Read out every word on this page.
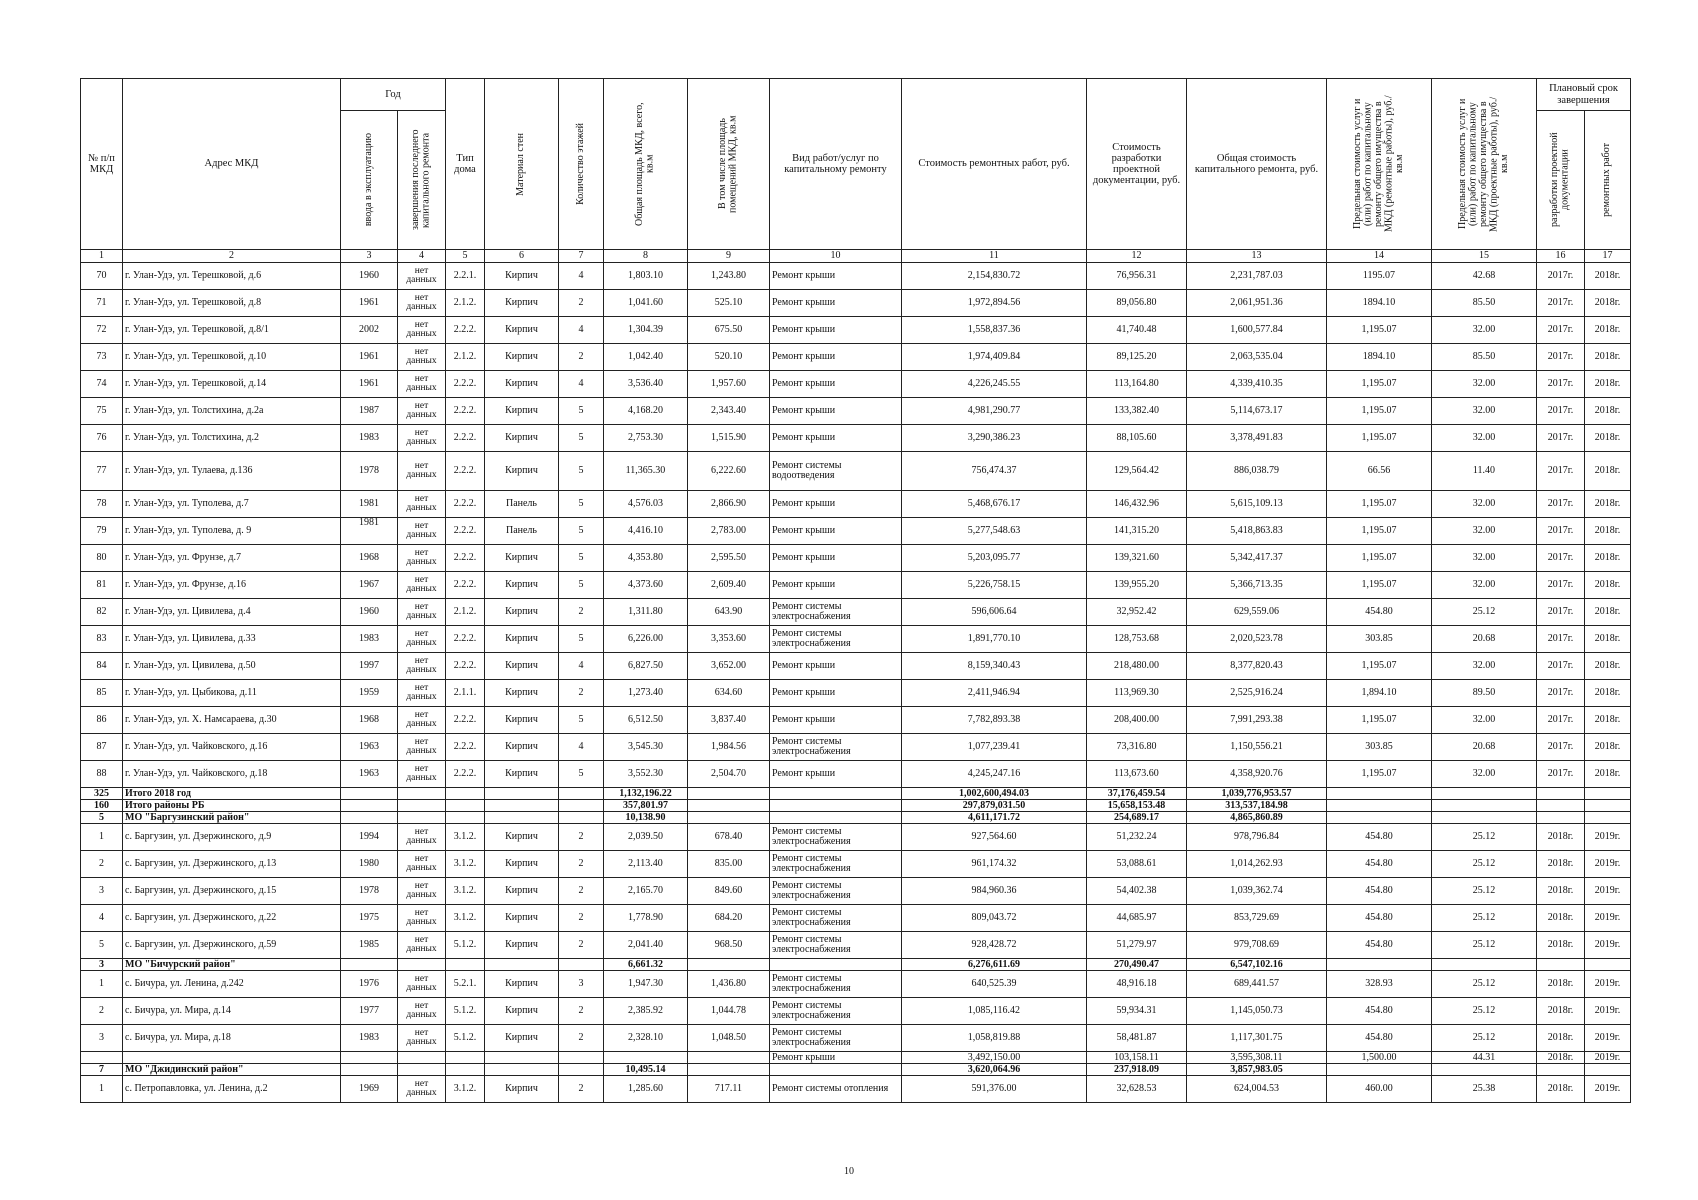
№ п/п МКД	Адрес МКД	Год		Тип дома	Материал стен	Количество этажей	Общая площадь МКД, всего, кв.м	В том числе площадь помещений МКД, кв.м	Вид работ/услуг по капитальному ремонту	Стоимость ремонтных работ, руб.	Стоимость разработки проектной документации, руб.	Общая стоимость капитального ремонта, руб.	Предельная стоимость услуг и (или) работ по капитальному ремонту общего имущества в МКД (ремонтные работы), руб./кв.м	Предельная стоимость услуг и (или) работ по капитальному ремонту общего имущества в МКД (проектные работы), руб./кв.м	Плановый срок завершения	

		ввода в эксплуатацию	завершения последнего капитального ремонта												разработки проектной документации	ремонтных работ

1	2	3	4	5	6	7	8	9	10	11	12	13	14	15	16	17
70	г. Улан-Удэ, ул. Терешковой, д.6	1960	нет данных	2.2.1.	Кирпич	4	1,803.10	1,243.80	Ремонт крыши	2,154,830.72	76,956.31	2,231,787.03	1195.07	42.68	2017г.	2018г.
71	г. Улан-Удэ, ул. Терешковой, д.8	1961	нет данных	2.1.2.	Кирпич	2	1,041.60	525.10	Ремонт крыши	1,972,894.56	89,056.80	2,061,951.36	1894.10	85.50	2017г.	2018г.
72	г. Улан-Удэ, ул. Терешковой, д.8/1	2002	нет данных	2.2.2.	Кирпич	4	1,304.39	675.50	Ремонт крыши	1,558,837.36	41,740.48	1,600,577.84	1,195.07	32.00	2017г.	2018г.
73	г. Улан-Удэ, ул. Терешковой, д.10	1961	нет данных	2.1.2.	Кирпич	2	1,042.40	520.10	Ремонт крыши	1,974,409.84	89,125.20	2,063,535.04	1894.10	85.50	2017г.	2018г.
74	г. Улан-Удэ, ул. Терешковой, д.14	1961	нет данных	2.2.2.	Кирпич	4	3,536.40	1,957.60	Ремонт крыши	4,226,245.55	113,164.80	4,339,410.35	1,195.07	32.00	2017г.	2018г.
75	г. Улан-Удэ, ул. Толстихина, д.2а	1987	нет данных	2.2.2.	Кирпич	5	4,168.20	2,343.40	Ремонт крыши	4,981,290.77	133,382.40	5,114,673.17	1,195.07	32.00	2017г.	2018г.
76	г. Улан-Удэ, ул. Толстихина, д.2	1983	нет данных	2.2.2.	Кирпич	5	2,753.30	1,515.90	Ремонт крыши	3,290,386.23	88,105.60	3,378,491.83	1,195.07	32.00	2017г.	2018г.
77	г. Улан-Удэ, ул. Тулаева, д.136	1978	нет данных	2.2.2.	Кирпич	5	11,365.30	6,222.60	Ремонт системы водоотведения	756,474.37	129,564.42	886,038.79	66.56	11.40	2017г.	2018г.
78	г. Улан-Удэ, ул. Туполева, д.7	1981	нет данных	2.2.2.	Панель	5	4,576.03	2,866.90	Ремонт крыши	5,468,676.17	146,432.96	5,615,109.13	1,195.07	32.00	2017г.	2018г.
79	г. Улан-Удэ, ул. Туполева, д. 9	1981	нет данных	2.2.2.	Панель	5	4,416.10	2,783.00	Ремонт крыши	5,277,548.63	141,315.20	5,418,863.83	1,195.07	32.00	2017г.	2018г.
80	г. Улан-Удэ, ул. Фрунзе, д.7	1968	нет данных	2.2.2.	Кирпич	5	4,353.80	2,595.50	Ремонт крыши	5,203,095.77	139,321.60	5,342,417.37	1,195.07	32.00	2017г.	2018г.
81	г. Улан-Удэ, ул. Фрунзе, д.16	1967	нет данных	2.2.2.	Кирпич	5	4,373.60	2,609.40	Ремонт крыши	5,226,758.15	139,955.20	5,366,713.35	1,195.07	32.00	2017г.	2018г.
82	г. Улан-Удэ, ул. Цивилева, д.4	1960	нет данных	2.1.2.	Кирпич	2	1,311.80	643.90	Ремонт системы электроснабжения	596,606.64	32,952.42	629,559.06	454.80	25.12	2017г.	2018г.
83	г. Улан-Удэ, ул. Цивилева, д.33	1983	нет данных	2.2.2.	Кирпич	5	6,226.00	3,353.60	Ремонт системы электроснабжения	1,891,770.10	128,753.68	2,020,523.78	303.85	20.68	2017г.	2018г.
84	г. Улан-Удэ, ул. Цивилева, д.50	1997	нет данных	2.2.2.	Кирпич	4	6,827.50	3,652.00	Ремонт крыши	8,159,340.43	218,480.00	8,377,820.43	1,195.07	32.00	2017г.	2018г.
85	г. Улан-Удэ, ул. Цыбикова, д.11	1959	нет данных	2.1.1.	Кирпич	2	1,273.40	634.60	Ремонт крыши	2,411,946.94	113,969.30	2,525,916.24	1,894.10	89.50	2017г.	2018г.
86	г. Улан-Удэ, ул. Х. Намсараева, д.30	1968	нет данных	2.2.2.	Кирпич	5	6,512.50	3,837.40	Ремонт крыши	7,782,893.38	208,400.00	7,991,293.38	1,195.07	32.00	2017г.	2018г.
87	г. Улан-Удэ, ул. Чайковского, д.16	1963	нет данных	2.2.2.	Кирпич	4	3,545.30	1,984.56	Ремонт системы электроснабжения	1,077,239.41	73,316.80	1,150,556.21	303.85	20.68	2017г.	2018г.
88	г. Улан-Удэ, ул. Чайковского, д.18	1963	нет данных	2.2.2.	Кирпич	5	3,552.30	2,504.70	Ремонт крыши	4,245,247.16	113,673.60	4,358,920.76	1,195.07	32.00	2017г.	2018г.
325	Итого 2018 год						1,132,196.22			1,002,600,494.03	37,176,459.54	1,039,776,953.57				
160	Итого районы РБ						357,801.97			297,879,031.50	15,658,153.48	313,537,184.98				
5	МО "Баргузинский район"						10,138.90			4,611,171.72	254,689.17	4,865,860.89				
1	с. Баргузин, ул. Дзержинского, д.9	1994	нет данных	3.1.2.	Кирпич	2	2,039.50	678.40	Ремонт системы электроснабжения	927,564.60	51,232.24	978,796.84	454.80	25.12	2018г.	2019г.
2	с. Баргузин, ул. Дзержинского, д.13	1980	нет данных	3.1.2.	Кирпич	2	2,113.40	835.00	Ремонт системы электроснабжения	961,174.32	53,088.61	1,014,262.93	454.80	25.12	2018г.	2019г.
3	с. Баргузин, ул. Дзержинского, д.15	1978	нет данных	3.1.2.	Кирпич	2	2,165.70	849.60	Ремонт системы электроснабжения	984,960.36	54,402.38	1,039,362.74	454.80	25.12	2018г.	2019г.
4	с. Баргузин, ул. Дзержинского, д.22	1975	нет данных	3.1.2.	Кирпич	2	1,778.90	684.20	Ремонт системы электроснабжения	809,043.72	44,685.97	853,729.69	454.80	25.12	2018г.	2019г.
5	с. Баргузин, ул. Дзержинского, д.59	1985	нет данных	5.1.2.	Кирпич	2	2,041.40	968.50	Ремонт системы электроснабжения	928,428.72	51,279.97	979,708.69	454.80	25.12	2018г.	2019г.
3	МО "Бичурский район"						6,661.32			6,276,611.69	270,490.47	6,547,102.16				
1	с. Бичура, ул. Ленина, д.242	1976	нет данных	5.2.1.	Кирпич	3	1,947.30	1,436.80	Ремонт системы электроснабжения	640,525.39	48,916.18	689,441.57	328.93	25.12	2018г.	2019г.
2	с. Бичура, ул. Мира, д.14	1977	нет данных	5.1.2.	Кирпич	2	2,385.92	1,044.78	Ремонт системы электроснабжения	1,085,116.42	59,934.31	1,145,050.73	454.80	25.12	2018г.	2019г.
3	с. Бичура, ул. Мира, д.18	1983	нет данных	5.1.2.	Кирпич	2	2,328.10	1,048.50	Ремонт системы электроснабжения	1,058,819.88	58,481.87	1,117,301.75	454.80	25.12	2018г.	2019г.
									Ремонт крыши	3,492,150.00	103,158.11	3,595,308.11	1,500.00	44.31	2018г.	2019г.
7	МО "Джидинский район"						10,495.14			3,620,064.96	237,918.09	3,857,983.05				
1	с. Петропавловка, ул. Ленина, д.2	1969	нет данных	3.1.2.	Кирпич	2	1,285.60	717.11	Ремонт системы отопления	591,376.00	32,628.53	624,004.53	460.00	25.38	2018г.	2019г.
10
